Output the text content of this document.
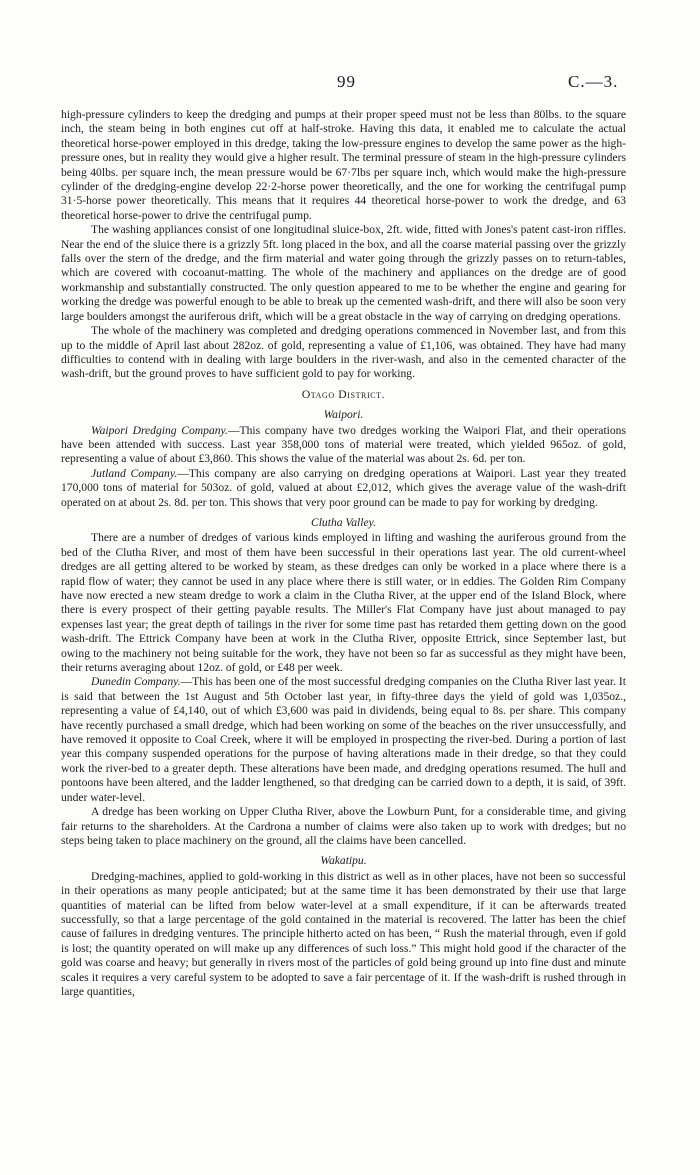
99	C.—3.

high-pressure cylinders to keep the dredging and pumps at their proper speed must not be less than 80lbs. to the square inch, the steam being in both engines cut off at half-stroke. Having this data, it enabled me to calculate the actual theoretical horse-power employed in this dredge, taking the low-pressure engines to develop the same power as the high-pressure ones, but in reality they would give a higher result. The terminal pressure of steam in the high-pressure cylinders being 40lbs. per square inch, the mean pressure would be 67·7lbs per square inch, which would make the high-pressure cylinder of the dredging-engine develop 22·2-horse power theoretically, and the one for working the centrifugal pump 31·5-horse power theoretically. This means that it requires 44 theoretical horse-power to work the dredge, and 63 theoretical horse-power to drive the centrifugal pump.

The washing appliances consist of one longitudinal sluice-box, 2ft. wide, fitted with Jones's patent cast-iron riffles. Near the end of the sluice there is a grizzly 5ft. long placed in the box, and all the coarse material passing over the grizzly falls over the stern of the dredge, and the firm material and water going through the grizzly passes on to return-tables, which are covered with cocoanut-matting. The whole of the machinery and appliances on the dredge are of good workmanship and substantially constructed. The only question appeared to me to be whether the engine and gearing for working the dredge was powerful enough to be able to break up the cemented wash-drift, and there will also be soon very large boulders amongst the auriferous drift, which will be a great obstacle in the way of carrying on dredging operations.

The whole of the machinery was completed and dredging operations commenced in November last, and from this up to the middle of April last about 282oz. of gold, representing a value of £1,106, was obtained. They have had many difficulties to contend with in dealing with large boulders in the river-wash, and also in the cemented character of the wash-drift, but the ground proves to have sufficient gold to pay for working.

Otago District.

Waipori.

Waipori Dredging Company.—This company have two dredges working the Waipori Flat, and their operations have been attended with success. Last year 358,000 tons of material were treated, which yielded 965oz. of gold, representing a value of about £3,860. This shows the value of the material was about 2s. 6d. per ton.

Jutland Company.—This company are also carrying on dredging operations at Waipori. Last year they treated 170,000 tons of material for 503oz. of gold, valued at about £2,012, which gives the average value of the wash-drift operated on at about 2s. 8d. per ton. This shows that very poor ground can be made to pay for working by dredging.

Clutha Valley.

There are a number of dredges of various kinds employed in lifting and washing the auriferous ground from the bed of the Clutha River, and most of them have been successful in their operations last year. The old current-wheel dredges are all getting altered to be worked by steam, as these dredges can only be worked in a place where there is a rapid flow of water; they cannot be used in any place where there is still water, or in eddies. The Golden Rim Company have now erected a new steam dredge to work a claim in the Clutha River, at the upper end of the Island Block, where there is every prospect of their getting payable results. The Miller's Flat Company have just about managed to pay expenses last year; the great depth of tailings in the river for some time past has retarded them getting down on the good wash-drift. The Ettrick Company have been at work in the Clutha River, opposite Ettrick, since September last, but owing to the machinery not being suitable for the work, they have not been so far as successful as they might have been, their returns averaging about 12oz. of gold, or £48 per week.

Dunedin Company.—This has been one of the most successful dredging companies on the Clutha River last year. It is said that between the 1st August and 5th October last year, in fifty-three days the yield of gold was 1,035oz., representing a value of £4,140, out of which £3,600 was paid in dividends, being equal to 8s. per share. This company have recently purchased a small dredge, which had been working on some of the beaches on the river unsuccessfully, and have removed it opposite to Coal Creek, where it will be employed in prospecting the river-bed. During a portion of last year this company suspended operations for the purpose of having alterations made in their dredge, so that they could work the river-bed to a greater depth. These alterations have been made, and dredging operations resumed. The hull and pontoons have been altered, and the ladder lengthened, so that dredging can be carried down to a depth, it is said, of 39ft. under water-level.

A dredge has been working on Upper Clutha River, above the Lowburn Punt, for a considerable time, and giving fair returns to the shareholders. At the Cardrona a number of claims were also taken up to work with dredges; but no steps being taken to place machinery on the ground, all the claims have been cancelled.

Wakatipu.

Dredging-machines, applied to gold-working in this district as well as in other places, have not been so successful in their operations as many people anticipated; but at the same time it has been demonstrated by their use that large quantities of material can be lifted from below water-level at a small expenditure, if it can be afterwards treated successfully, so that a large percentage of the gold contained in the material is recovered. The latter has been the chief cause of failures in dredging ventures. The principle hitherto acted on has been, “ Rush the material through, even if gold is lost; the quantity operated on will make up any differences of such loss.” This might hold good if the character of the gold was coarse and heavy; but generally in rivers most of the particles of gold being ground up into fine dust and minute scales it requires a very careful system to be adopted to save a fair percentage of it. If the wash-drift is rushed through in large quantities,
